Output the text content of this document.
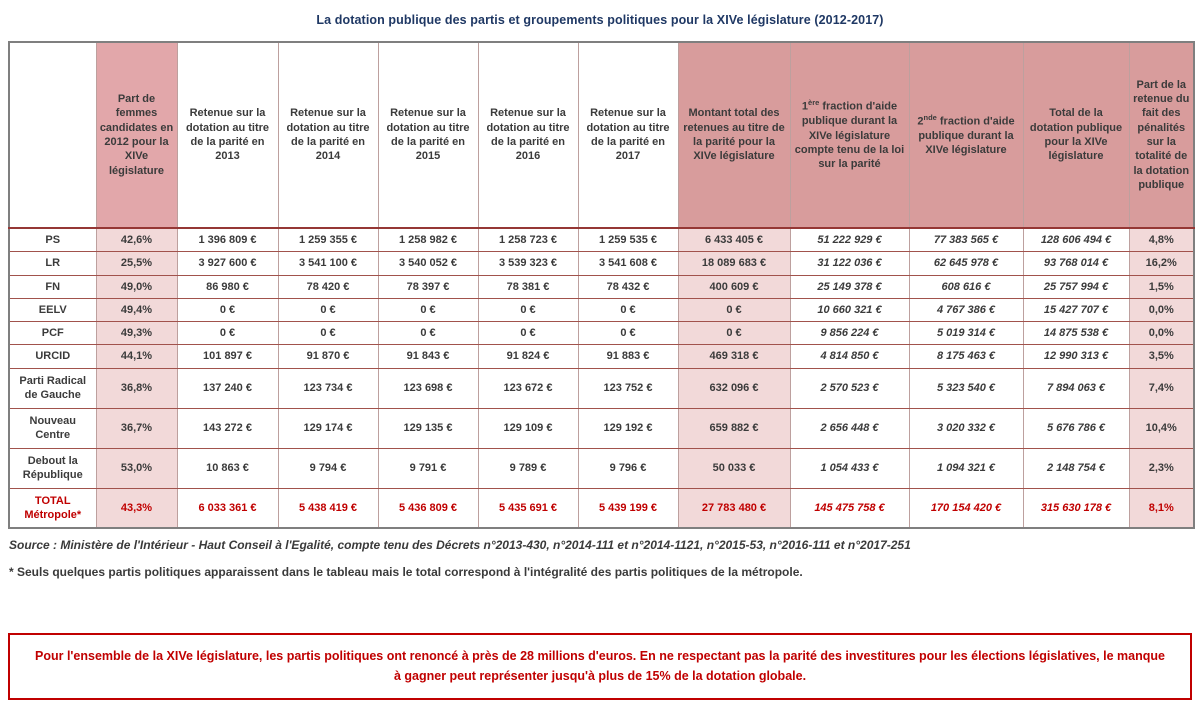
La dotation publique des partis et groupements politiques pour la XIVe législature (2012-2017)
	Part de femmes candidates en 2012 pour la XIVe législature	Retenue sur la dotation au titre de la parité en 2013	Retenue sur la dotation au titre de la parité en 2014	Retenue sur la dotation au titre de la parité en 2015	Retenue sur la dotation au titre de la parité en 2016	Retenue sur la dotation au titre de la parité en 2017	Montant total des retenues au titre de la parité pour la XIVe législature	1ère fraction d'aide publique durant la XIVe législature compte tenu de la loi sur la parité	2nde fraction d'aide publique durant la XIVe législature	Total de la dotation publique pour la XIVe législature	Part de la retenue du fait des pénalités sur la totalité de la dotation publique
PS	42,6%	1 396 809 €	1 259 355 €	1 258 982 €	1 258 723 €	1 259 535 €	6 433 405 €	51 222 929 €	77 383 565 €	128 606 494 €	4,8%
LR	25,5%	3 927 600 €	3 541 100 €	3 540 052 €	3 539 323 €	3 541 608 €	18 089 683 €	31 122 036 €	62 645 978 €	93 768 014 €	16,2%
FN	49,0%	86 980 €	78 420 €	78 397 €	78 381 €	78 432 €	400 609 €	25 149 378 €	608 616 €	25 757 994 €	1,5%
EELV	49,4%	0 €	0 €	0 €	0 €	0 €	0 €	10 660 321 €	4 767 386 €	15 427 707 €	0,0%
PCF	49,3%	0 €	0 €	0 €	0 €	0 €	0 €	9 856 224 €	5 019 314 €	14 875 538 €	0,0%
URCID	44,1%	101 897 €	91 870 €	91 843 €	91 824 €	91 883 €	469 318 €	4 814 850 €	8 175 463 €	12 990 313 €	3,5%
Parti Radical de Gauche	36,8%	137 240 €	123 734 €	123 698 €	123 672 €	123 752 €	632 096 €	2 570 523 €	5 323 540 €	7 894 063 €	7,4%
Nouveau Centre	36,7%	143 272 €	129 174 €	129 135 €	129 109 €	129 192 €	659 882 €	2 656 448 €	3 020 332 €	5 676 786 €	10,4%
Debout la République	53,0%	10 863 €	9 794 €	9 791 €	9 789 €	9 796 €	50 033 €	1 054 433 €	1 094 321 €	2 148 754 €	2,3%
TOTAL Métropole*	43,3%	6 033 361 €	5 438 419 €	5 436 809 €	5 435 691 €	5 439 199 €	27 783 480 €	145 475 758 €	170 154 420 €	315 630 178 €	8,1%

Source : Ministère de l'Intérieur - Haut Conseil à l'Egalité, compte tenu des Décrets n°2013-430, n°2014-111 et n°2014-1121, n°2015-53, n°2016-111 et n°2017-251

* Seuls quelques partis politiques apparaissent dans le tableau mais le total correspond à l'intégralité des partis politiques de la métropole.

Pour l'ensemble de la XIVe législature, les partis politiques ont renoncé à près de 28 millions d'euros. En ne respectant pas la parité des investitures pour les élections législatives, le manque à gagner peut représenter jusqu'à plus de 15% de la dotation globale.
